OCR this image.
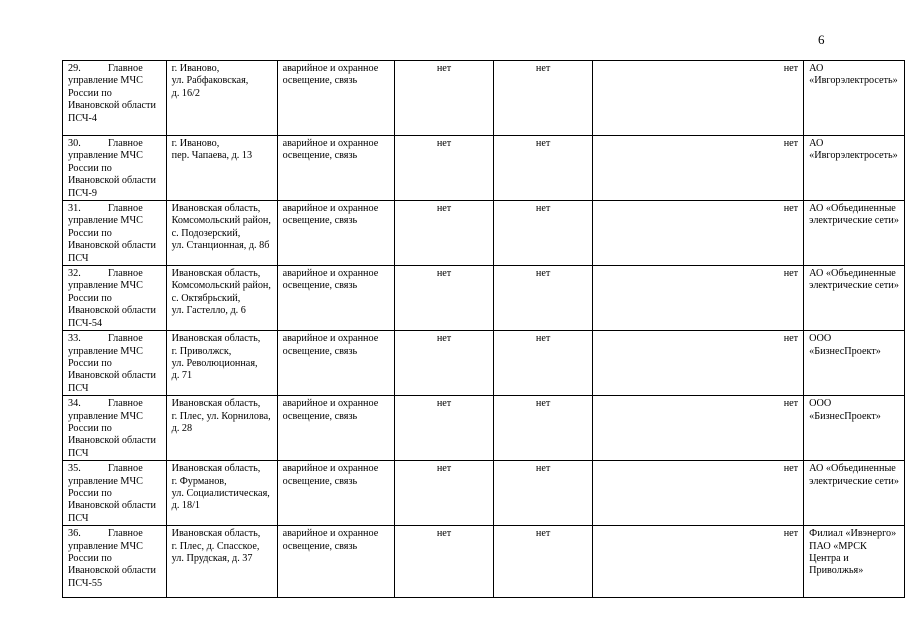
6
29. Главное
управление МЧС
России по
Ивановской области
ПСЧ-4	г. Иваново,
ул. Рабфаковская,
д. 16/2	аварийное и охранное
освещение, связь	нет	нет	нет	АО
«Ивгорэлектросеть»

30. Главное
управление МЧС
России по
Ивановской области
ПСЧ-9	г. Иваново,
пер. Чапаева, д. 13	аварийное и охранное
освещение, связь	нет	нет	нет	АО
«Ивгорэлектросеть»

31. Главное
управление МЧС
России по
Ивановской области
ПСЧ	Ивановская область,
Комсомольский район,
с. Подозерский,
ул. Станционная, д. 8б	аварийное и охранное
освещение, связь	нет	нет	нет	АО «Объединенные
электрические сети»

32. Главное
управление МЧС
России по
Ивановской области
ПСЧ-54	Ивановская область,
Комсомольский район,
с. Октябрьский,
ул. Гастелло, д. 6	аварийное и охранное
освещение, связь	нет	нет	нет	АО «Объединенные
электрические сети»

33. Главное
управление МЧС
России по
Ивановской области
ПСЧ	Ивановская область,
г. Приволжск,
ул. Революционная,
д. 71	аварийное и охранное
освещение, связь	нет	нет	нет	ООО
«БизнесПроект»

34. Главное
управление МЧС
России по
Ивановской области
ПСЧ	Ивановская область,
г. Плес, ул. Корнилова,
д. 28	аварийное и охранное
освещение, связь	нет	нет	нет	ООО
«БизнесПроект»

35. Главное
управление МЧС
России по
Ивановской области
ПСЧ	Ивановская область,
г. Фурманов,
ул. Социалистическая,
д. 18/1	аварийное и охранное
освещение, связь	нет	нет	нет	АО «Объединенные
электрические сети»

36. Главное
управление МЧС
России по
Ивановской области
ПСЧ-55	Ивановская область,
г. Плес, д. Спасское,
ул. Прудская, д. 37	аварийное и охранное
освещение, связь	нет	нет	нет	Филиал «Ивэнерго»
ПАО «МРСК
Центра и
Приволжья»
